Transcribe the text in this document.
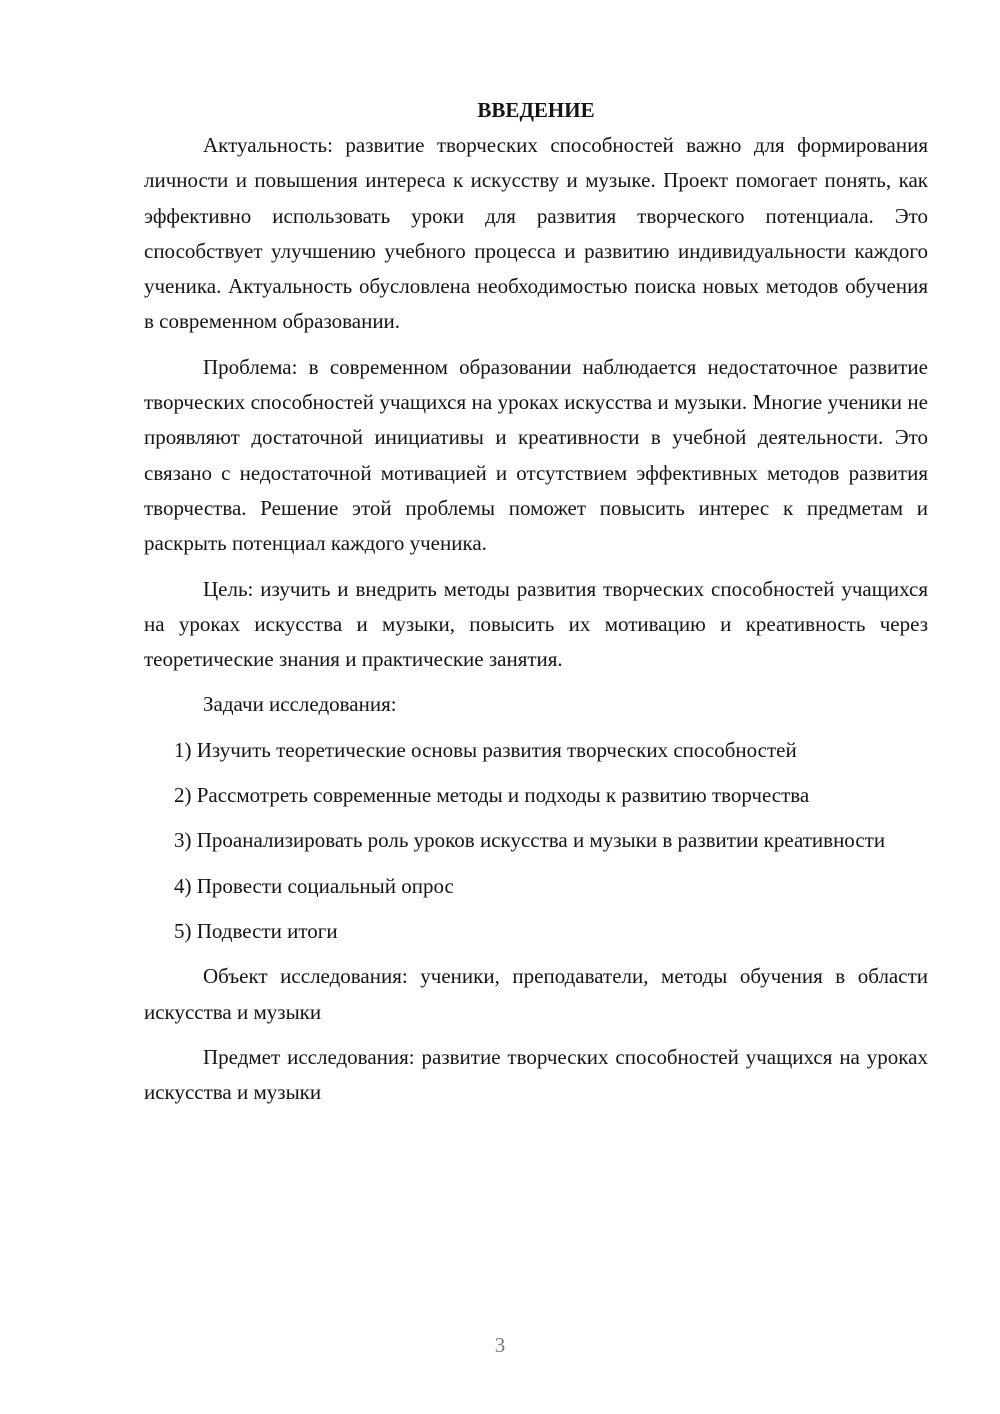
ВВЕДЕНИЕ

Актуальность: развитие творческих способностей важно для формирования личности и повышения интереса к искусству и музыке. Проект помогает понять, как эффективно использовать уроки для развития творческого потенциала. Это способствует улучшению учебного процесса и развитию индивидуальности каждого ученика. Актуальность обусловлена необходимостью поиска новых методов обучения в современном образовании.

Проблема: в современном образовании наблюдается недостаточное развитие творческих способностей учащихся на уроках искусства и музыки. Многие ученики не проявляют достаточной инициативы и креативности в учебной деятельности. Это связано с недостаточной мотивацией и отсутствием эффективных методов развития творчества. Решение этой проблемы поможет повысить интерес к предметам и раскрыть потенциал каждого ученика.

Цель: изучить и внедрить методы развития творческих способностей учащихся на уроках искусства и музыки, повысить их мотивацию и креативность через теоретические знания и практические занятия.

Задачи исследования:

1) Изучить теоретические основы развития творческих способностей

2) Рассмотреть современные методы и подходы к развитию творчества

3) Проанализировать роль уроков искусства и музыки в развитии креативности

4) Провести социальный опрос

5) Подвести итоги

Объект исследования: ученики, преподаватели, методы обучения в области искусства и музыки

Предмет исследования: развитие творческих способностей учащихся на уроках искусства и музыки

3
